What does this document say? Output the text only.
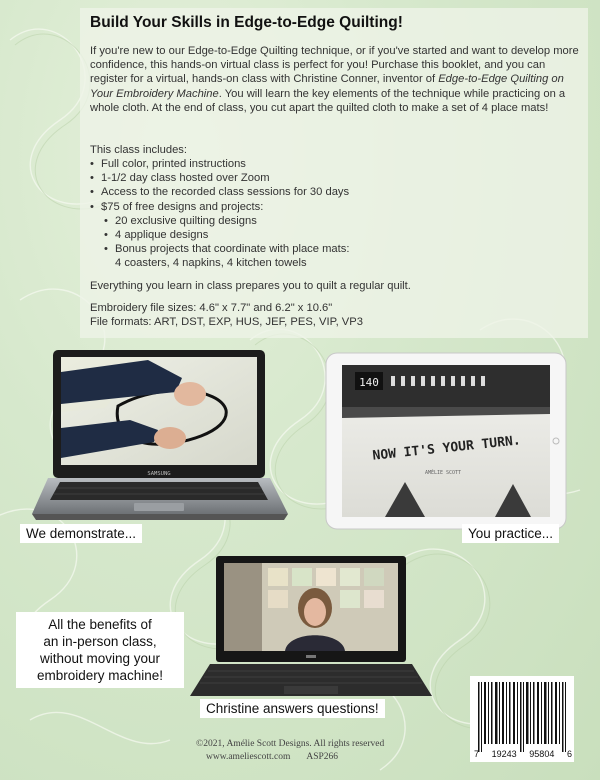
Build Your Skills in Edge-to-Edge Quilting!

If you're new to our Edge-to-Edge Quilting technique, or if you've started and want to develop more confidence, this hands-on virtual class is perfect for you! Purchase this booklet, and you can register for a virtual, hands-on class with Christine Conner, inventor of Edge-to-Edge Quilting on Your Embroidery Machine. You will learn the key elements of the technique while practicing on a whole cloth. At the end of class, you cut apart the quilted cloth to make a set of 4 place mats!

This class includes:
• Full color, printed instructions
• 1-1/2 day class hosted over Zoom
• Access to the recorded class sessions for 30 days
• $75 of free designs and projects:
• 20 exclusive quilting designs
• 4 applique designs
• Bonus projects that coordinate with place mats:
4 coasters, 4 napkins, 4 kitchen towels
Everything you learn in class prepares you to quilt a regular quilt.
Embroidery file sizes: 4.6" x 7.7" and 6.2" x 10.6"
File formats: ART, DST, EXP, HUS, JEF, PES, VIP, VP3
SAMSUNG
140
NOW IT'S YOUR TURN.
AMÉLIE SCOTT
We demonstrate...	You practice...
All the benefits of
an in-person class,
without moving your
embroidery machine!
Christine answers questions!
©2021, Amélie Scott Designs. All rights reserved
www.ameliescott.com ASP266	7 19243 95804 6
